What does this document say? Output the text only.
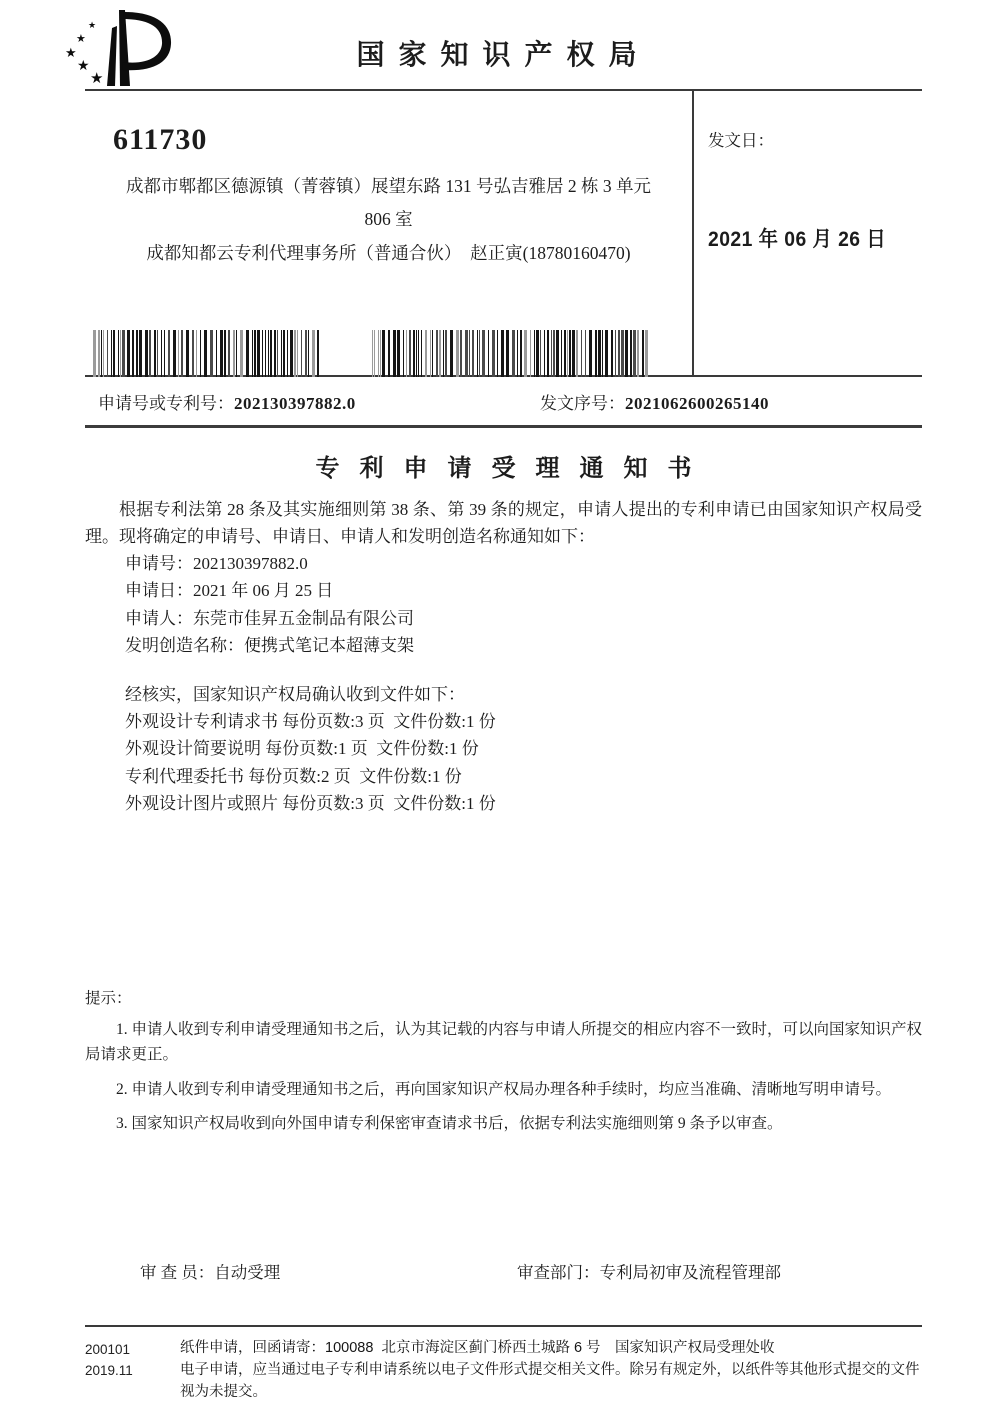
★
★
★
★
★
国家知识产权局
611730
成都市郫都区德源镇（菁蓉镇）展望东路 131 号弘吉雅居 2 栋 3 单元
806 室
成都知都云专利代理事务所（普通合伙）　赵正寅(18780160470)
发文日：
2021 年 06 月 26 日
申请号或专利号：202130397882.0	发文序号：2021062600265140
专利申请受理通知书

根据专利法第 28 条及其实施细则第 38 条、第 39 条的规定，申请人提出的专利申请已由国家知识产权局受理。现将确定的申请号、申请日、申请人和发明创造名称通知如下：

申请号：202130397882.0
申请日：2021 年 06 月 25 日
申请人：东莞市佳昇五金制品有限公司
发明创造名称：便携式笔记本超薄支架
经核实，国家知识产权局确认收到文件如下：
外观设计专利请求书 每份页数:3 页  文件份数:1 份
外观设计简要说明 每份页数:1 页  文件份数:1 份
专利代理委托书 每份页数:2 页  文件份数:1 份
外观设计图片或照片 每份页数:3 页  文件份数:1 份
提示：

1. 申请人收到专利申请受理通知书之后，认为其记载的内容与申请人所提交的相应内容不一致时，可以向国家知识产权局请求更正。

2. 申请人收到专利申请受理通知书之后，再向国家知识产权局办理各种手续时，均应当准确、清晰地写明申请号。

3. 国家知识产权局收到向外国申请专利保密审查请求书后，依据专利法实施细则第 9 条予以审查。

审 查 员：自动受理	审查部门：专利局初审及流程管理部
200101
2019.11
纸件申请，回函请寄：100088  北京市海淀区蓟门桥西土城路 6 号　国家知识产权局受理处收
电子申请，应当通过电子专利申请系统以电子文件形式提交相关文件。除另有规定外，以纸件等其他形式提交的文件视为未提交。
